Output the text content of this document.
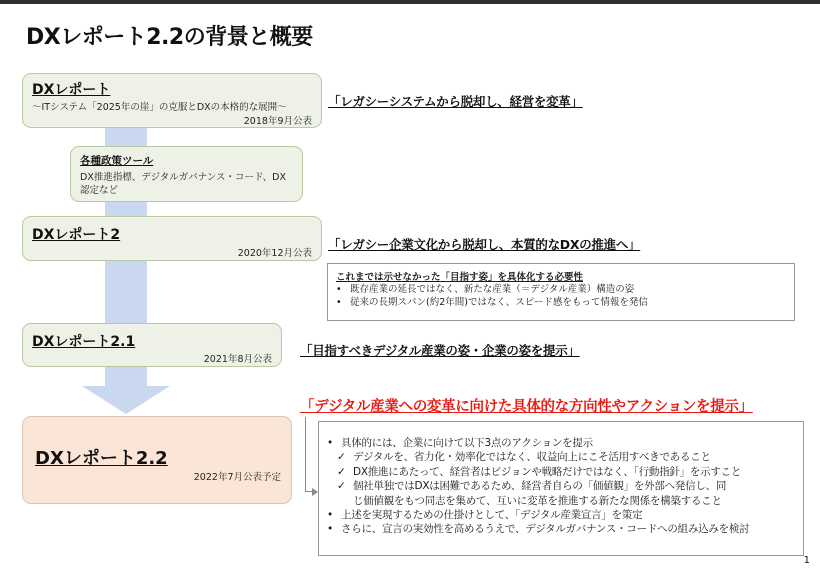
DXレポート2.2の背景と概要
DXレポート
～ITシステム「2025年の崖」の克服とDXの本格的な展開～
2018年9月公表
「レガシーシステムから脱却し、経営を変革」
各種政策ツール
DX推進指標、デジタルガバナンス・コード、DX
認定など
DXレポート2
2020年12月公表
「レガシー企業文化から脱却し、本質的なDXの推進へ」
これまでは示せなかった「目指す姿」を具体化する必要性
• 既存産業の延長ではなく、新たな産業（＝デジタル産業）構造の姿
• 従来の長期スパン(約2年間)ではなく、スピード感をもって情報を発信
DXレポート2.1
2021年8月公表
「目指すべきデジタル産業の姿・企業の姿を提示」
「デジタル産業への変革に向けた具体的な方向性やアクションを提示」
DXレポート2.2
2022年7月公表予定
• 具体的には、企業に向けて以下3点のアクションを提示
✓ デジタルを、省力化・効率化ではなく、収益向上にこそ活用すべきであること
✓ DX推進にあたって、経営者はビジョンや戦略だけではなく、「行動指針」を示すこと
✓ 個社単独ではDXは困難であるため、経営者自らの「価値観」を外部へ発信し、同
じ価値観をもつ同志を集めて、互いに変革を推進する新たな関係を構築すること
• 上述を実現するための仕掛けとして、「デジタル産業宣言」を策定
• さらに、宣言の実効性を高めるうえで、デジタルガバナンス・コードへの組み込みを検討
1
